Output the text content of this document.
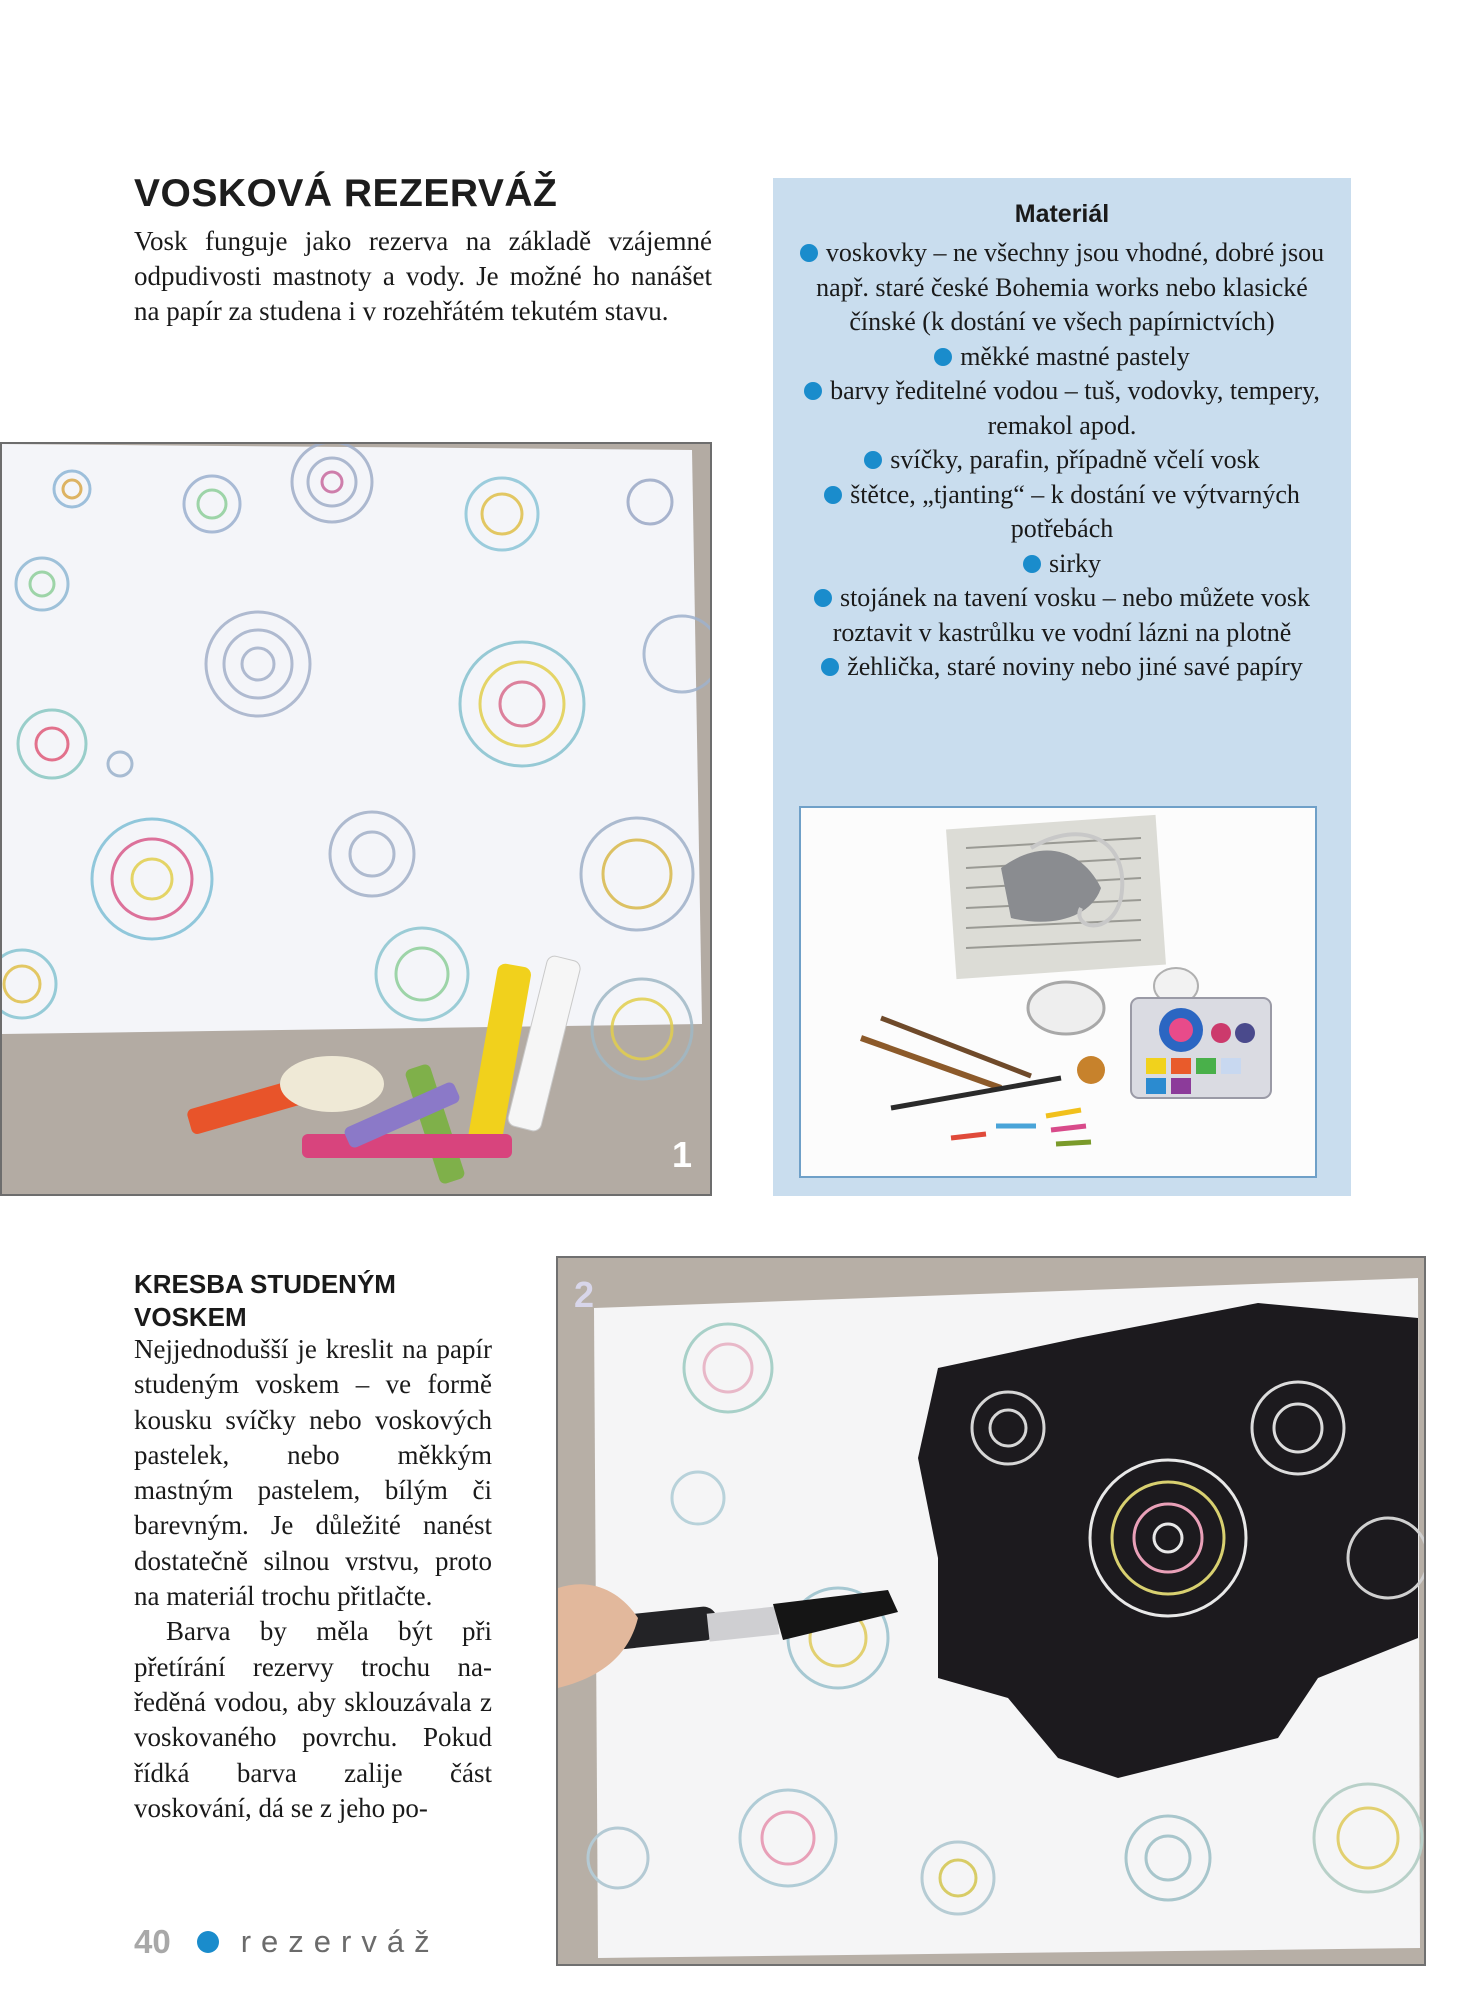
VOSKOVÁ REZERVÁŽ
Vosk funguje jako rezerva na základě vzájemné odpudivosti mastnoty a vody. Je možné ho nanášet na papír za studena i v rozehřátém tekutém stavu.
1
Materiál
voskovky – ne všechny jsou vhodné, dobré jsou např. staré české Bohemia works nebo klasické čínské (k dostání ve všech papírnictvích)
měkké mastné pastely
barvy ředitelné vodou – tuš, vodovky, tempery, remakol apod.
svíčky, parafin, případně včelí vosk
štětce, „tjanting“ – k dostání ve výtvarných potřebách
sirky
stojánek na tavení vosku – nebo můžete vosk roztavit v kastrůlku ve vodní lázni na plotně
žehlička, staré noviny nebo jiné savé papíry
KRESBA STUDENÝM VOSKEM

Nejjednodušší je kreslit na papír studeným voskem – ve formě kousku svíčky nebo voskových pastelek, nebo měkkým mastným pastelem, bílým či barevným. Je důležité nanést dostatečně silnou vrstvu, proto na materiál trochu přitlačte.

Barva by měla být při přetírání rezervy trochu naředěná vodou, aby sklouzávala z voskovaného povrchu. Pokud řídká barva zalije část voskování, dá se z jeho po-

2
40 rezerváž
